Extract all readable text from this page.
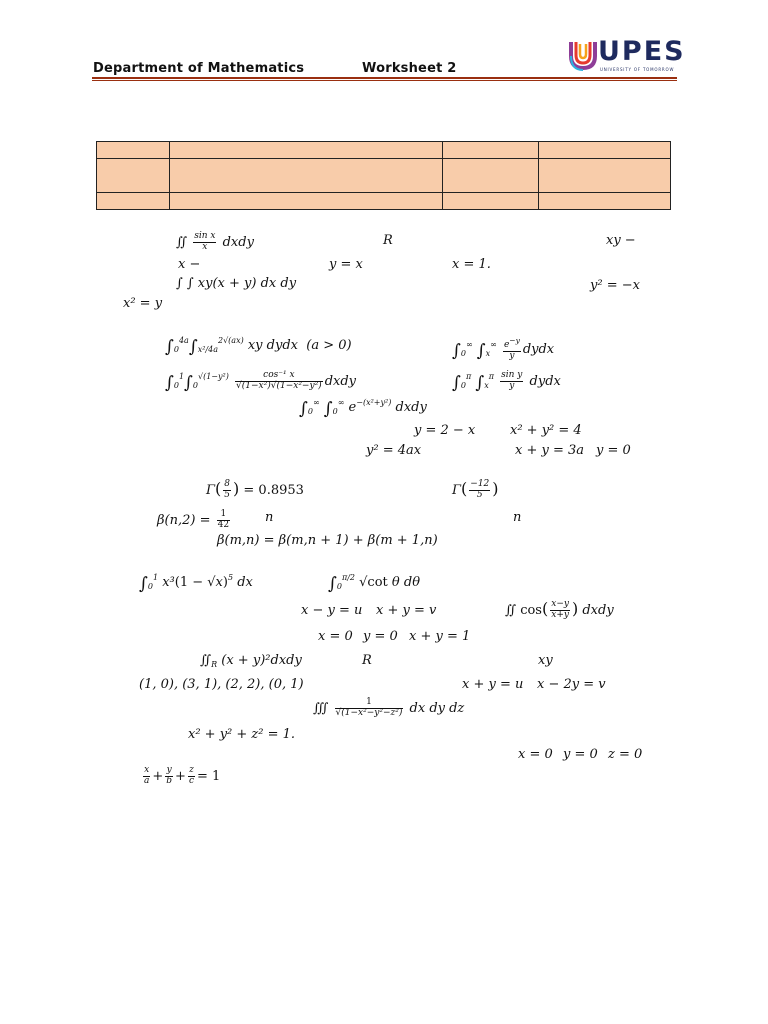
Department of Mathematics	Worksheet 2
UPES
UNIVERSITY OF TOMORROW

∬ $\frac{\text{sin x}}{x}$ dxdy	R	xy −
x −	y = x	x = 1.
∫ ∫ xy(x + y) dx dy	y² = −x
x² = y
$\int_0^{4a}\int_{x^2/4a}^{2√(ax)}$ xy dydx (a > 0)	$\int_0^\infty$ $\int_x^\infty \frac{e^{-y}}{y}$ dydx
$\int_0^1\int_0^{√(1-y^2)} \frac{\text{cos⁻¹ x}}{\text{√(1−x²)√(1−x²−y²)}}$ dxdy	$\int_0^\pi$ $\int_x^\pi \frac{\text{sin y}}{y}$ dydx
$\int_0^\infty$ $\int_0^\infty$ $e^{-(x^2+y^2)}$ dxdy
y = 2 − x	x² + y² = 4
y² = 4ax	x + y = 3a y = 0
$\Gamma( \frac{8}{5}$ ) = 0.8953	$\Gamma( \frac{-12}{5}$ )
$\beta(n,2) = \frac{1}{42}$	n	n
β(m,n) = β(m,n + 1) + β(m + 1,n)
$\int_0^1$ $x^3(1 - √x)^5$ dx	$\int_0^{\pi/2}$ √cot θ dθ
x − y = u x + y = v	∬ $\cos( \frac{x-y}{x+y}$ ) dxdy
x = 0 y = 0 x + y = 1
$∬_R$ (x + y)²dxdy	R	xy
(1, 0), (3, 1), (2, 2), (0, 1)	x + y = u x − 2y = v
∭ $\frac{1}{\text{√(1−x²−y²−z²)}}$ dx dy dz
x² + y² + z² = 1.
x = 0 y = 0 z = 0
$\frac{x}{a} + \frac{y}{b} + \frac{z}{c} = 1$
